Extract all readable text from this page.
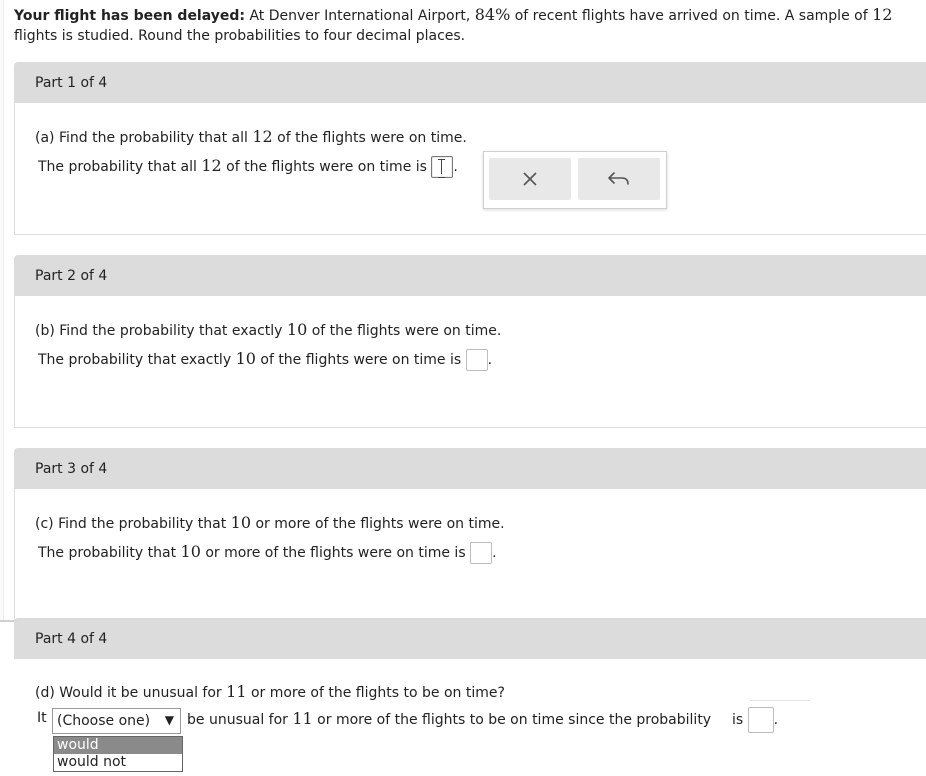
Your flight has been delayed: At Denver International Airport, 84% of recent flights have arrived on time. A sample of 12 flights is studied. Round the probabilities to four decimal places.
Part 1 of 4
(a) Find the probability that all 12 of the flights were on time.
The probability that all 12 of the flights were on time is .
Part 2 of 4
(b) Find the probability that exactly 10 of the flights were on time.
The probability that exactly 10 of the flights were on time is .
Part 3 of 4
(c) Find the probability that 10 or more of the flights were on time.
The probability that 10 or more of the flights were on time is .
Part 4 of 4
(d) Would it be unusual for 11 or more of the flights to be on time?
It (Choose one) ▼ be unusual for 11 or more of the flights to be on time since the probability is .
would
would not
